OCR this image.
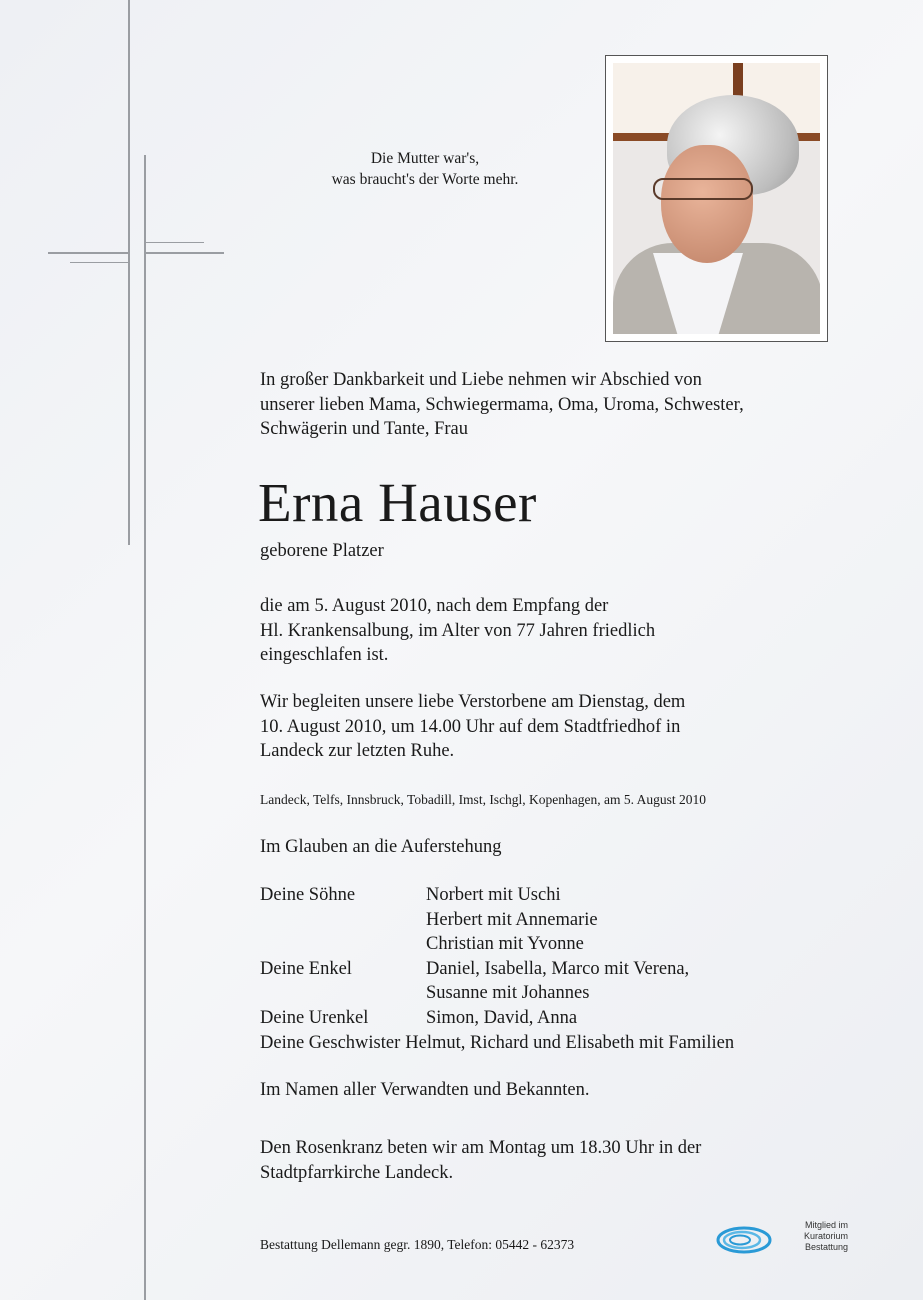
Die Mutter war's,
was braucht's der Worte mehr.
In großer Dankbarkeit und Liebe nehmen wir Abschied von
unserer lieben Mama, Schwiegermama, Oma, Uroma, Schwester,
Schwägerin und Tante, Frau
Erna Hauser
geborene Platzer
die am 5. August 2010, nach dem Empfang der
Hl. Krankensalbung, im Alter von 77 Jahren friedlich
eingeschlafen ist.
Wir begleiten unsere liebe Verstorbene am Dienstag, dem
10. August 2010, um 14.00 Uhr auf dem Stadtfriedhof in
Landeck zur letzten Ruhe.
Landeck, Telfs, Innsbruck, Tobadill, Imst, Ischgl, Kopenhagen, am 5. August 2010
Im Glauben an die Auferstehung
Deine Söhne	Norbert mit Uschi
Herbert mit Annemarie
Christian mit Yvonne
Deine Enkel	Daniel, Isabella, Marco mit Verena,
Susanne mit Johannes
Deine Urenkel	Simon, David, Anna
Deine Geschwister Helmut, Richard und Elisabeth mit Familien
Im Namen aller Verwandten und Bekannten.
Den Rosenkranz beten wir am Montag um 18.30 Uhr in der
Stadtpfarrkirche Landeck.
Bestattung Dellemann gegr. 1890, Telefon: 05442 - 62373
Mitglied im
Kuratorium Bestattung
